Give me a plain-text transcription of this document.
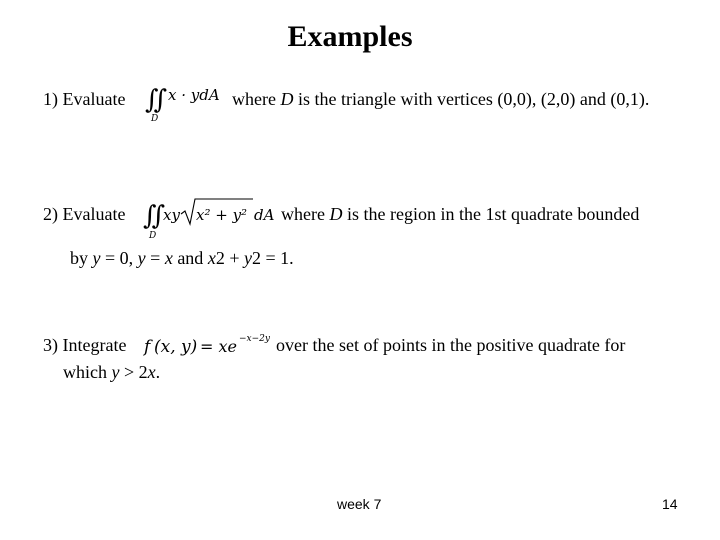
Examples
1) Evaluate ∬
D
x · ydA where D is the triangle with vertices (0,0), (2,0) and (0,1).
2) Evaluate ∬
D
xy x² + y² dA where D is the region in the 1st quadrate bounded
by y = 0, y = x and x2 + y2 = 1.
3) Integrate f (x, y) = xe −x−2y over the set of points in the positive quadrate for
which y > 2x.
week 7	14
